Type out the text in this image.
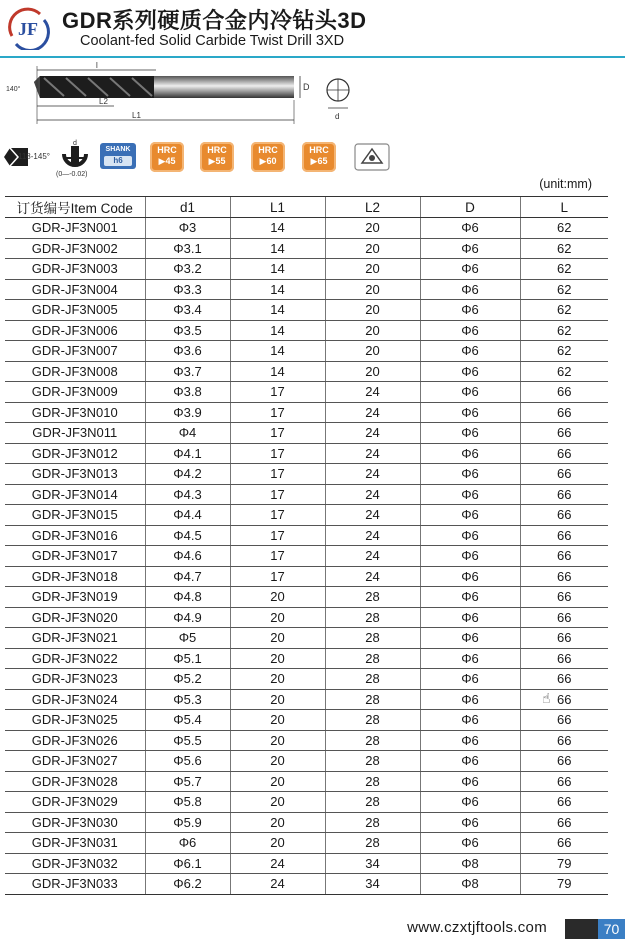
JF GDR系列硬质合金内冷钻头3D
Coolant-fed Solid Carbide Twist Drill 3XD
140°
l
L2
L1
D
d
118-145°
d
(0—-0.02)
SHANK
h6
HRC
▶45
HRC
▶55
HRC
▶60
HRC
▶65
(unit:mm)
订货编号Item Code	d1	L1	L2	D	L
GDR-JF3N001	Φ3	14	20	Φ6	62
GDR-JF3N002	Φ3.1	14	20	Φ6	62
GDR-JF3N003	Φ3.2	14	20	Φ6	62
GDR-JF3N004	Φ3.3	14	20	Φ6	62
GDR-JF3N005	Φ3.4	14	20	Φ6	62
GDR-JF3N006	Φ3.5	14	20	Φ6	62
GDR-JF3N007	Φ3.6	14	20	Φ6	62
GDR-JF3N008	Φ3.7	14	20	Φ6	62
GDR-JF3N009	Φ3.8	17	24	Φ6	66
GDR-JF3N010	Φ3.9	17	24	Φ6	66
GDR-JF3N011	Φ4	17	24	Φ6	66
GDR-JF3N012	Φ4.1	17	24	Φ6	66
GDR-JF3N013	Φ4.2	17	24	Φ6	66
GDR-JF3N014	Φ4.3	17	24	Φ6	66
GDR-JF3N015	Φ4.4	17	24	Φ6	66
GDR-JF3N016	Φ4.5	17	24	Φ6	66
GDR-JF3N017	Φ4.6	17	24	Φ6	66
GDR-JF3N018	Φ4.7	17	24	Φ6	66
GDR-JF3N019	Φ4.8	20	28	Φ6	66
GDR-JF3N020	Φ4.9	20	28	Φ6	66
GDR-JF3N021	Φ5	20	28	Φ6	66
GDR-JF3N022	Φ5.1	20	28	Φ6	66
GDR-JF3N023	Φ5.2	20	28	Φ6	66
GDR-JF3N024	Φ5.3	20	28	Φ6	66
GDR-JF3N025	Φ5.4	20	28	Φ6	66
GDR-JF3N026	Φ5.5	20	28	Φ6	66
GDR-JF3N027	Φ5.6	20	28	Φ6	66
GDR-JF3N028	Φ5.7	20	28	Φ6	66
GDR-JF3N029	Φ5.8	20	28	Φ6	66
GDR-JF3N030	Φ5.9	20	28	Φ6	66
GDR-JF3N031	Φ6	20	28	Φ6	66
GDR-JF3N032	Φ6.1	24	34	Φ8	79
GDR-JF3N033	Φ6.2	24	34	Φ8	79
☝
www.czxtjftools.com	70
